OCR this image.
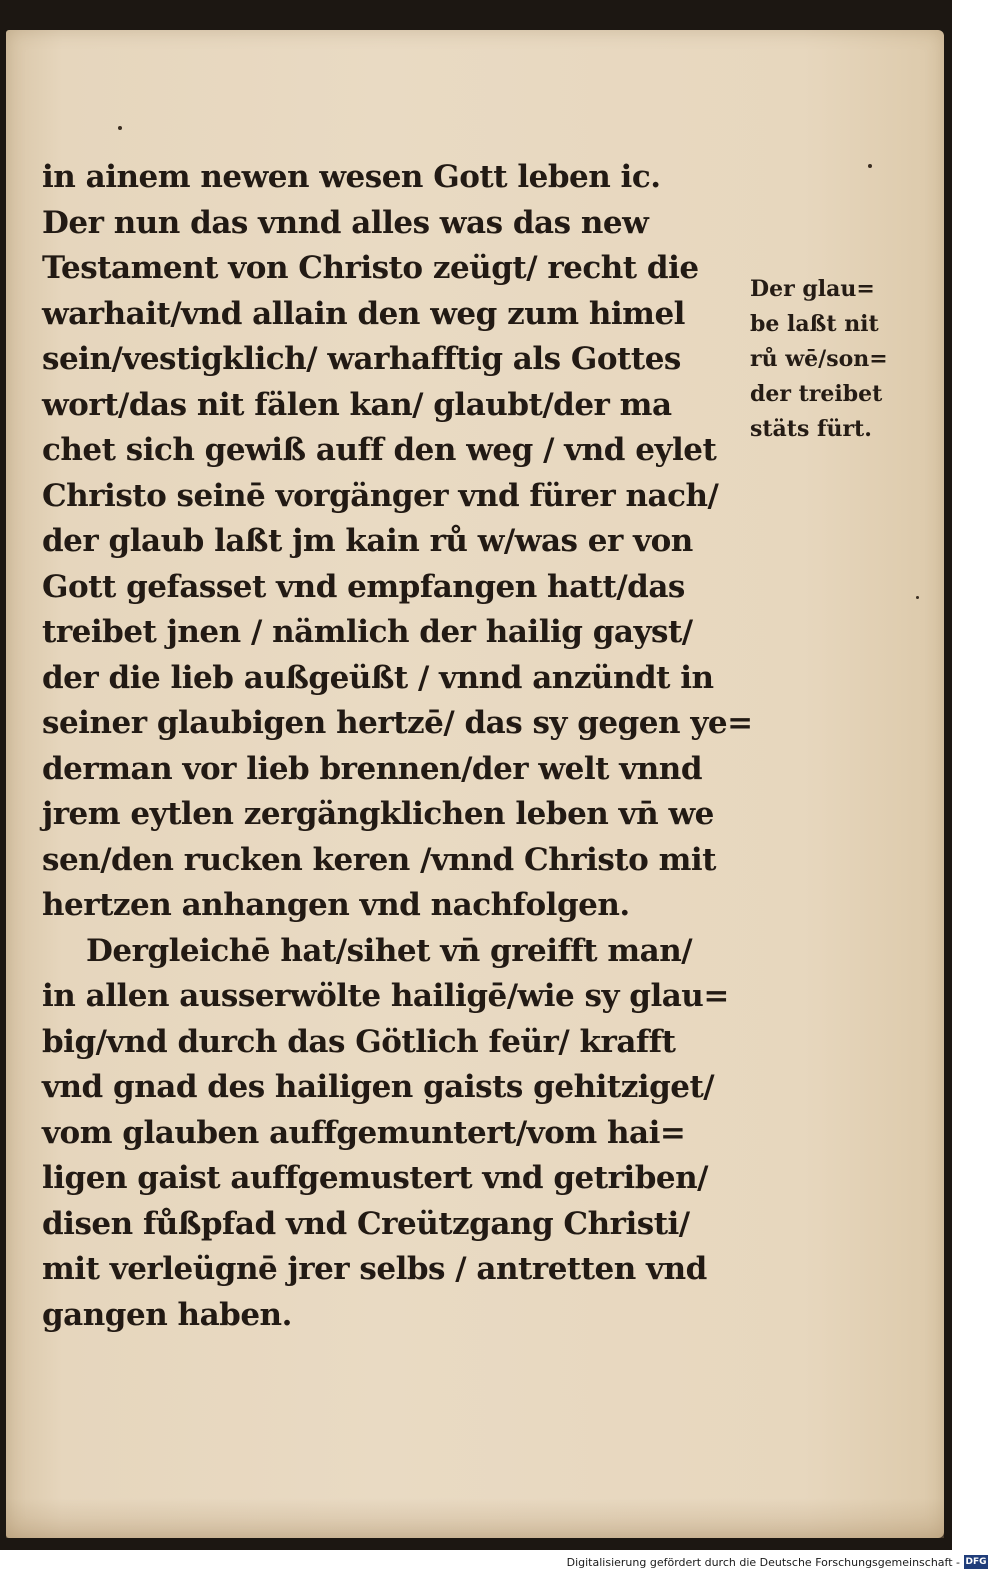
in ainem newen wesen Gott leben ic.
Der nun das vnnd alles was das new
Testament von Christo zeügt/ recht die
warhait/vnd allain den weg zum himel
sein/vestigklich/ warhafftig als Gottes
wort/das nit fälen kan/ glaubt/der ma
chet sich gewiß auff den weg / vnd eylet
Christo seinē vorgänger vnd fürer nach/
der glaub laßt jm kain rů w/was er von
Gott gefasset vnd empfangen hatt/das
treibet jnen / nämlich der hailig gayst/
der die lieb außgeüßt / vnnd anzündt in
seiner glaubigen hertzē/ das sy gegen ye=
derman vor lieb brennen/der welt vnnd
jrem eytlen zergängklichen leben vn̄ we
sen/den rucken keren /vnnd Christo mit
hertzen anhangen vnd nachfolgen.
Dergleichē hat/sihet vn̄ greifft man/
in allen ausserwölte hailigē/wie sy glau=
big/vnd durch das Götlich feür/ krafft
vnd gnad des hailigen gaists gehitziget/
vom glauben auffgemuntert/vom hai=
ligen gaist auffgemustert vnd getriben/
disen fůßpfad vnd Creützgang Christi/
mit verleügnē jrer selbs / antretten vnd
gangen haben.
Der glau=
be laßt nit
rů wē/son=
der treibet
stäts fürt.
Digitalisierung gefördert durch die Deutsche Forschungsgemeinschaft - DFG
